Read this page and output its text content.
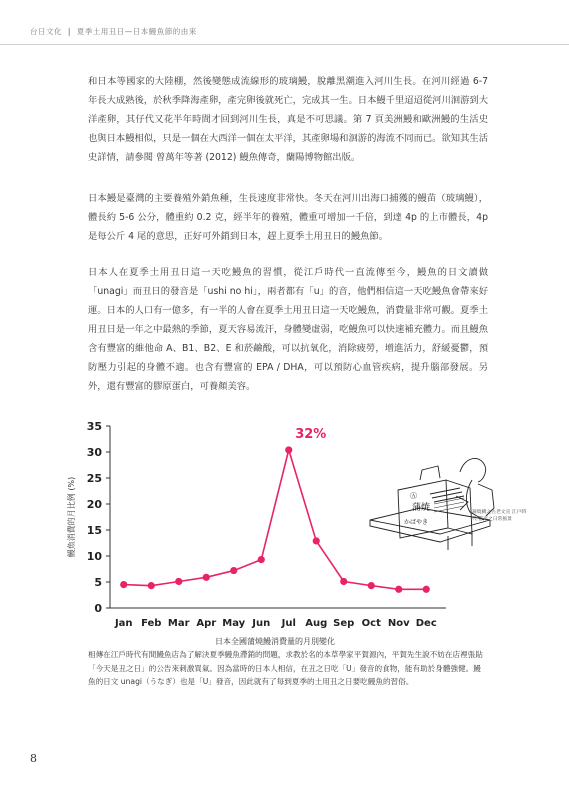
台日文化 | 夏季土用丑日—日本鰻魚節的由來

和日本等國家的大陸棚，然後變態成流線形的玻璃鰻，脫離黑潮進入河川生長。在河川經過 6-7 年長大成熟後，於秋季降海產卵，產完卵後就死亡，完成其一生。日本鰻千里迢迢從河川洄游到大洋產卵，其仔代又花半年時間才回到河川生長，真是不可思議。第 7 頁美洲鰻和歐洲鰻的生活史也與日本鰻相似，只是一個在大西洋一個在太平洋，其產卵場和洄游的海流不同而已。欲知其生活史詳情，請參閱 曾萬年等著 (2012) 鰻魚傳奇，蘭陽博物館出版。

日本鰻是臺灣的主要養殖外銷魚種，生長速度非常快。冬天在河川出海口捕獲的鰻苗（玻璃鰻），體長約 5-6 公分，體重約 0.2 克，經半年的養殖，體重可增加一千倍，到達 4p 的上市體長，4p 是每公斤 4 尾的意思，正好可外銷到日本，趕上夏季土用丑日的鰻魚節。

日本人在夏季土用丑日這一天吃鰻魚的習慣，從江戶時代一直流傳至今，鰻魚的日文讀做「unagi」而丑日的發音是「ushi no hi」，兩者都有「u」的音，他們相信這一天吃鰻魚會帶來好運。日本的人口有一億多，有一半的人會在夏季土用丑日這一天吃鰻魚，消費量非常可觀。夏季土用丑日是一年之中最熱的季節，夏天容易流汗，身體變虛弱，吃鰻魚可以快速補充體力。而且鰻魚含有豐富的維他命 A、B1、B2、E 和菸鹼酸，可以抗氧化，消除疲勞，增進活力，舒緩憂鬱，預防壓力引起的身體不適。也含有豐富的 EPA / DHA，可以預防心血管疾病，提升腦部發展。另外，還有豐富的膠原蛋白，可養顏美容。

0
5
10
15
20
25
30
35
Jan Feb Mar Apr May Jun Jul Aug Sep Oct Nov Dec
鰻魚消費的月比例 (%)
日本全國蒲燒鰻消費量的月別變化
32%
Ⓐ
蒲焼
かばやき
蒲燒鰻之古老文宣 江戶時代 都市之日常風景

相傳在江戶時代有間鰻魚店為了解決夏季鰻魚滯銷的問題，求教於名的本草學家平賀源內，平賀先生說不妨在店裡張貼「今天是丑之日」的公告來刺激買氣。因為當時的日本人相信，在丑之日吃「U」發音的食物，能有助於身體強健。鰻魚的日文 unagi（うなぎ）也是「U」發音，因此就有了每到夏季的土用丑之日要吃鰻魚的習俗。

8
